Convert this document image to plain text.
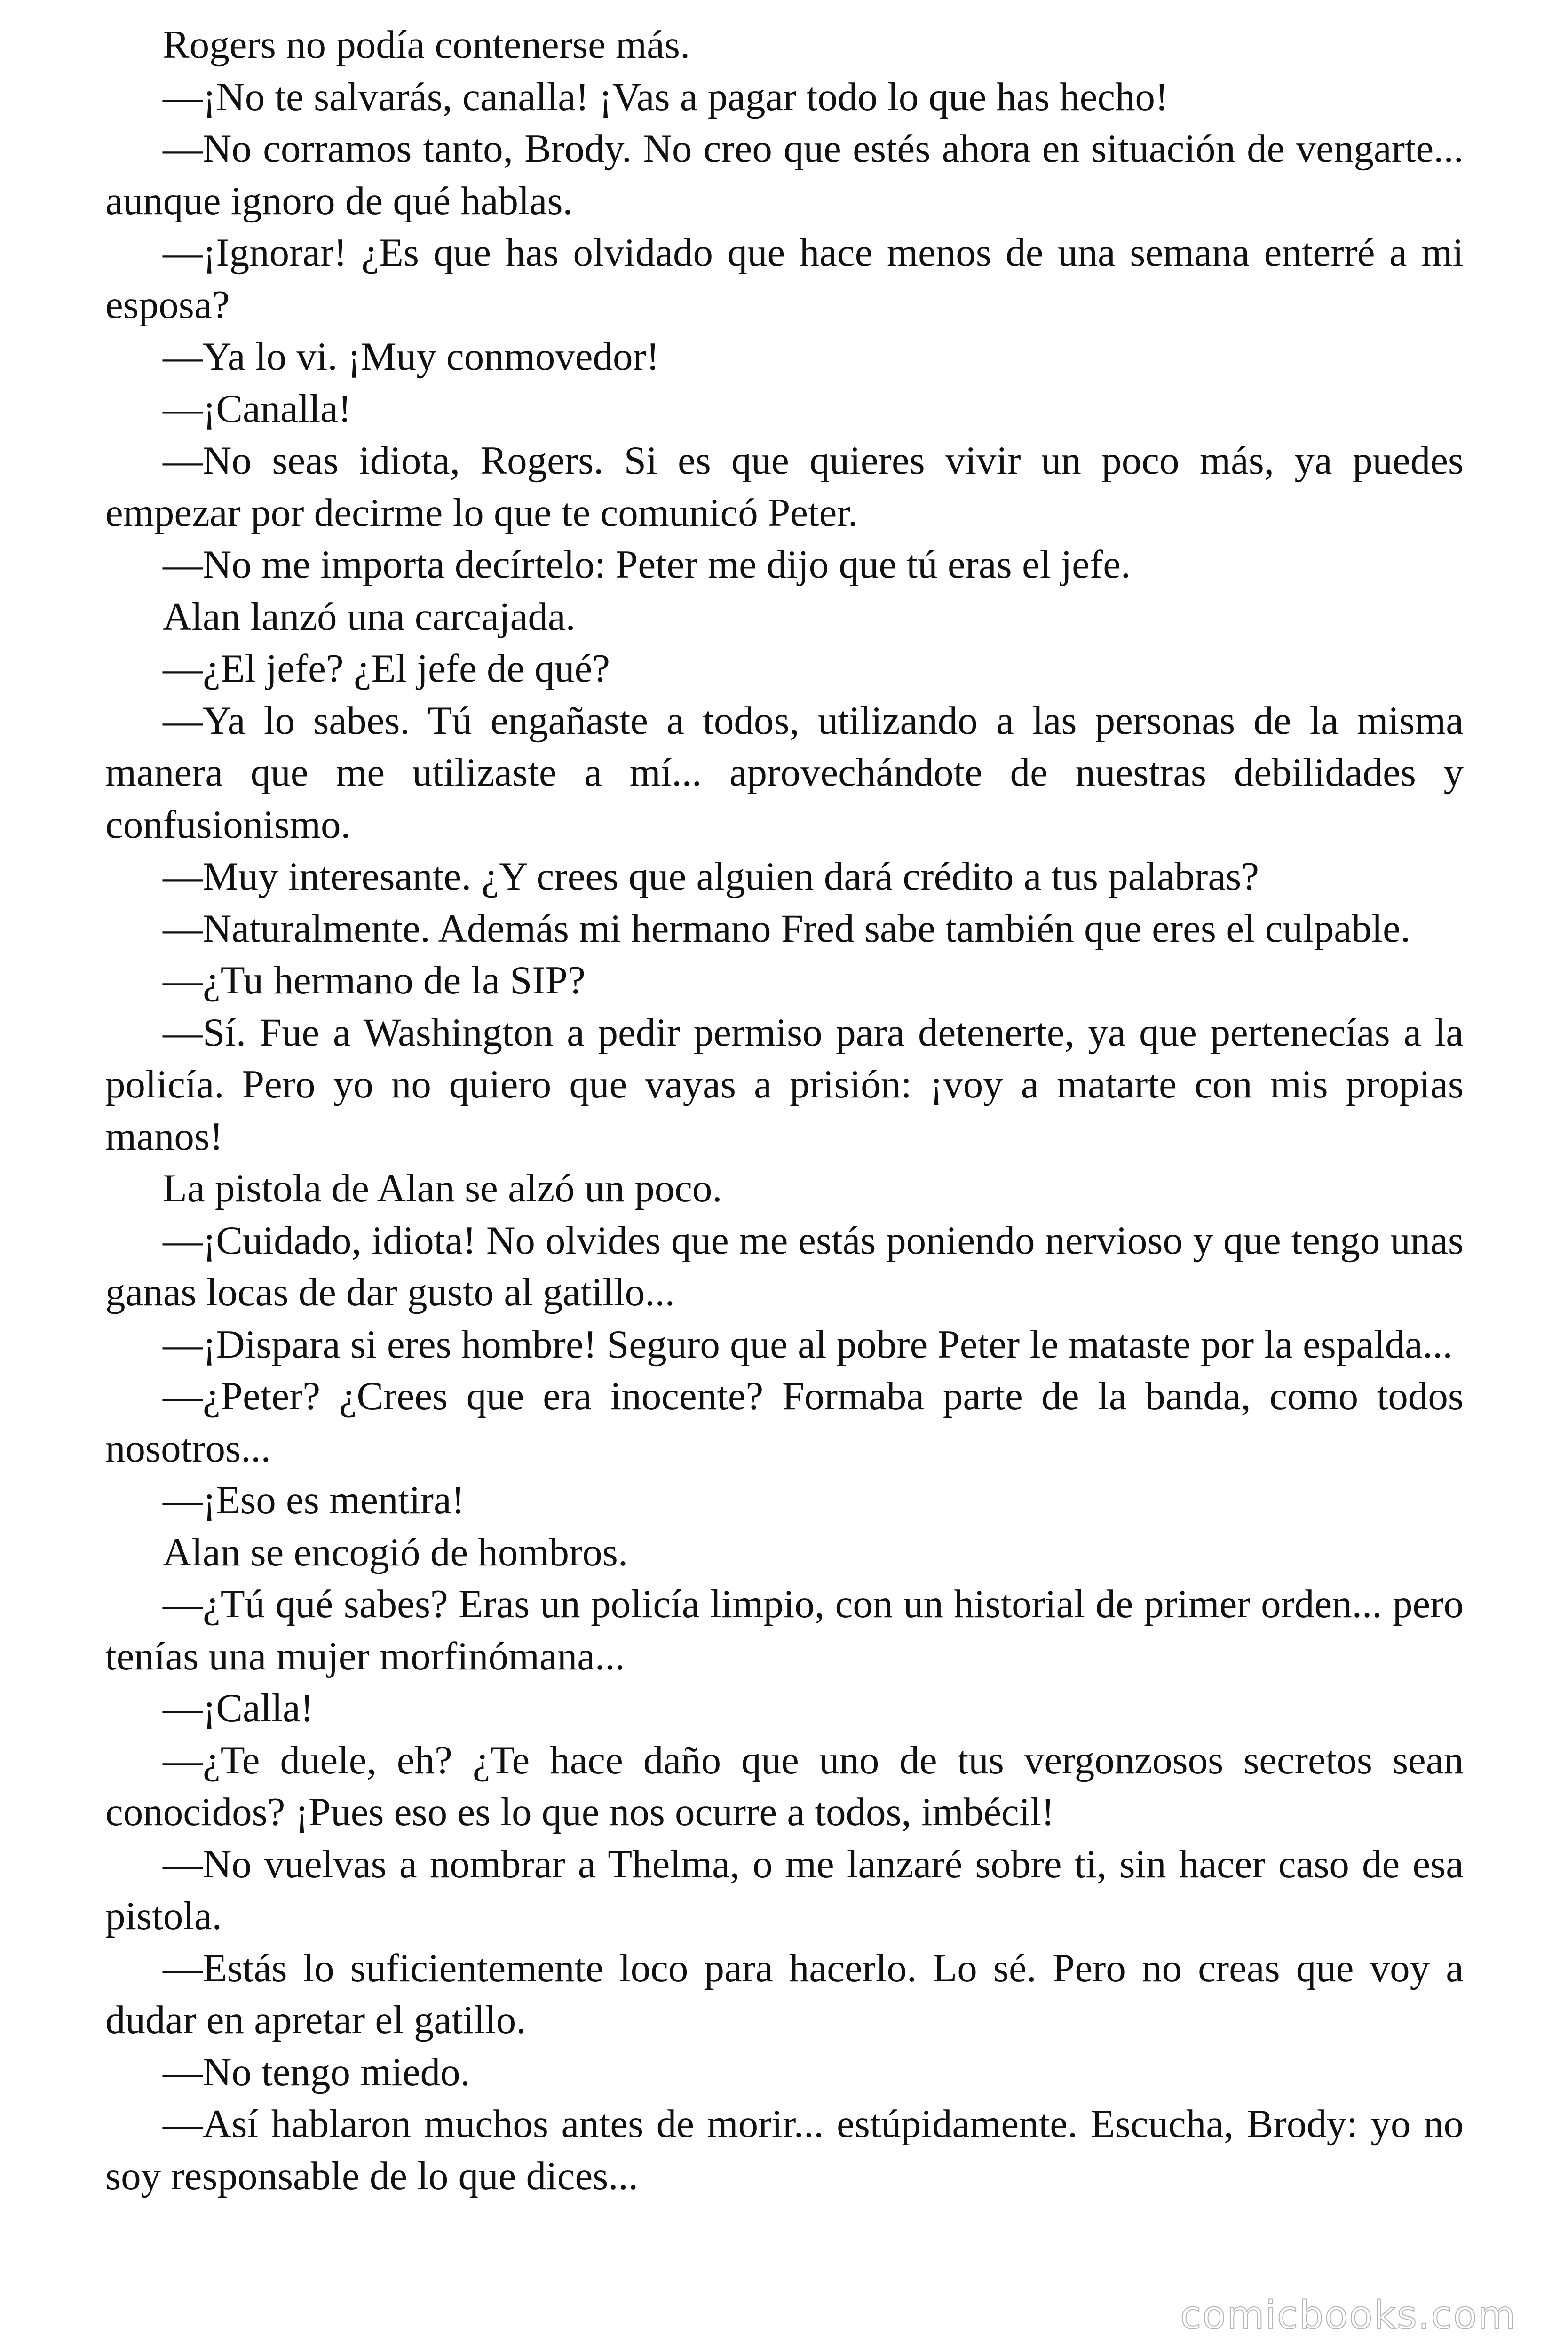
Rogers no podía contenerse más.

—¡No te salvarás, canalla! ¡Vas a pagar todo lo que has hecho!

—No corramos tanto, Brody. No creo que estés ahora en situación de vengarte... aunque ignoro de qué hablas.

—¡Ignorar! ¿Es que has olvidado que hace menos de una semana enterré a mi esposa?

—Ya lo vi. ¡Muy conmovedor!

—¡Canalla!

—No seas idiota, Rogers. Si es que quieres vivir un poco más, ya puedes empezar por decirme lo que te comunicó Peter.

—No me importa decírtelo: Peter me dijo que tú eras el jefe.

Alan lanzó una carcajada.

—¿El jefe? ¿El jefe de qué?

—Ya lo sabes. Tú engañaste a todos, utilizando a las personas de la misma manera que me utilizaste a mí... aprovechándote de nuestras debilidades y confusionismo.

—Muy interesante. ¿Y crees que alguien dará crédito a tus palabras?

—Naturalmente. Además mi hermano Fred sabe también que eres el culpable.

—¿Tu hermano de la SIP?

—Sí. Fue a Washington a pedir permiso para detenerte, ya que pertenecías a la policía. Pero yo no quiero que vayas a prisión: ¡voy a matarte con mis propias manos!

La pistola de Alan se alzó un poco.

—¡Cuidado, idiota! No olvides que me estás poniendo nervioso y que tengo unas ganas locas de dar gusto al gatillo...

—¡Dispara si eres hombre! Seguro que al pobre Peter le mataste por la espalda...

—¿Peter? ¿Crees que era inocente? Formaba parte de la banda, como todos nosotros...

—¡Eso es mentira!

Alan se encogió de hombros.

—¿Tú qué sabes? Eras un policía limpio, con un historial de primer orden... pero tenías una mujer morfinómana...

—¡Calla!

—¿Te duele, eh? ¿Te hace daño que uno de tus vergonzosos secretos sean conocidos? ¡Pues eso es lo que nos ocurre a todos, imbécil!

—No vuelvas a nombrar a Thelma, o me lanzaré sobre ti, sin hacer caso de esa pistola.

—Estás lo suficientemente loco para hacerlo. Lo sé. Pero no creas que voy a dudar en apretar el gatillo.

—No tengo miedo.

—Así hablaron muchos antes de morir... estúpidamente. Escucha, Brody: yo no soy responsable de lo que dices...

comicbooks.com
